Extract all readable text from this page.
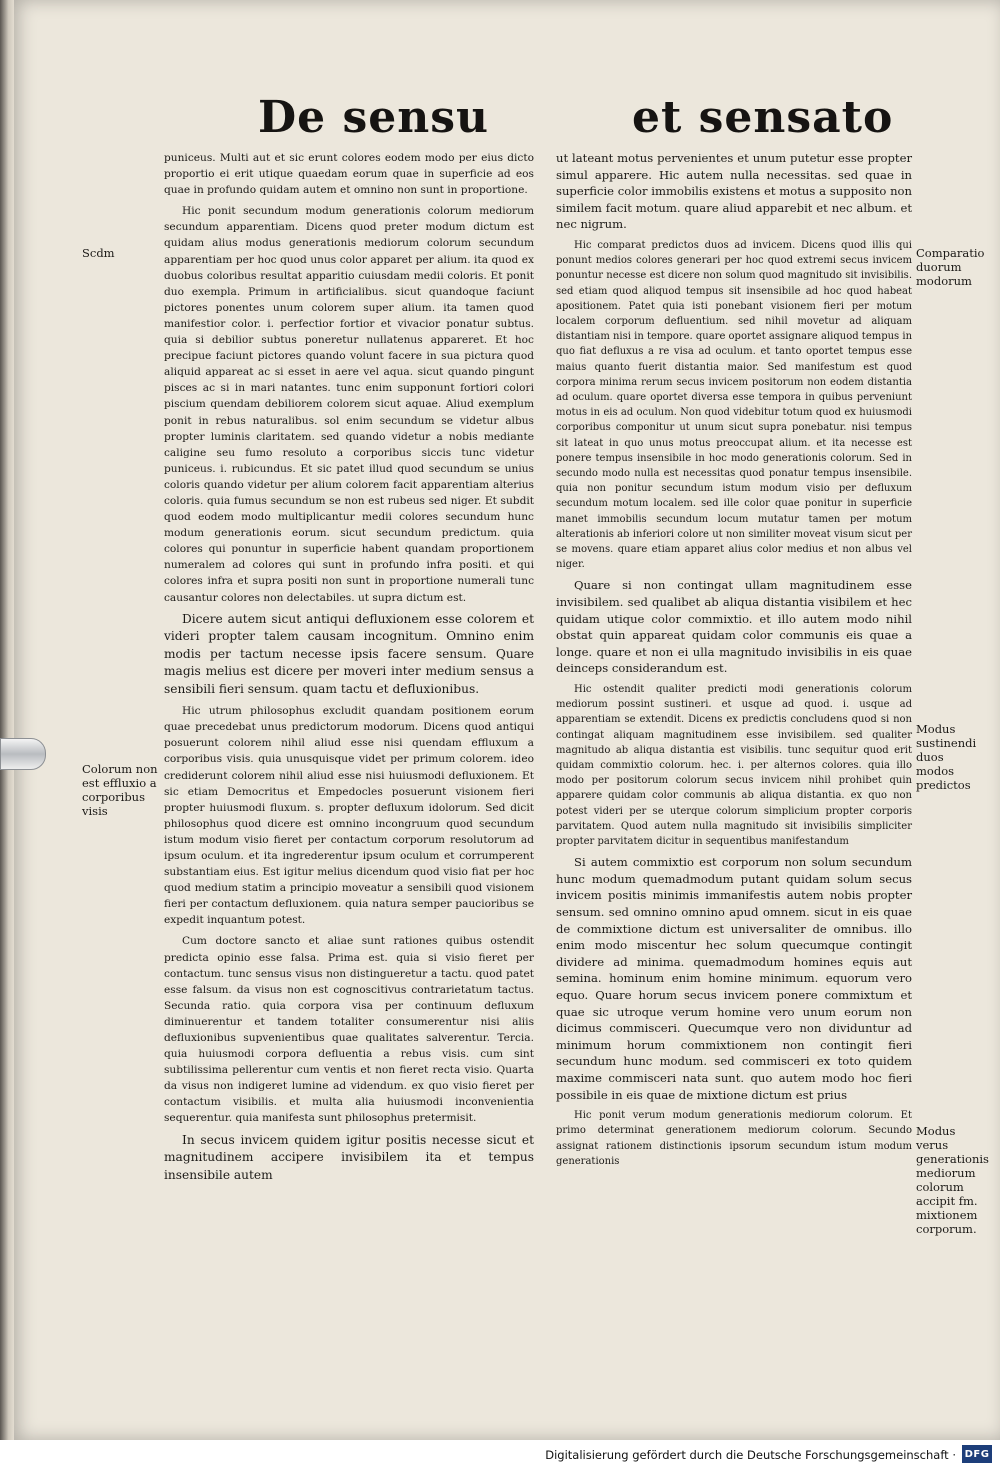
De sensu	et sensato

puniceus. Multi aut et sic erunt colores eodem modo per eius dicto proportio ei erit utique quaedam eorum quae in superficie ad eos quae in profundo quidam autem et omnino non sunt in proportione.

Hic ponit secundum modum generationis colorum mediorum secundum apparentiam. Dicens quod preter modum dictum est quidam alius modus generationis mediorum colorum secundum apparentiam per hoc quod unus color apparet per alium. ita quod ex duobus coloribus resultat apparitio cuiusdam medii coloris. Et ponit duo exempla. Primum in artificialibus. sicut quandoque faciunt pictores ponentes unum colorem super alium. ita tamen quod manifestior color. i. perfectior fortior et vivacior ponatur subtus. quia si debilior subtus poneretur nullatenus appareret. Et hoc precipue faciunt pictores quando volunt facere in sua pictura quod aliquid appareat ac si esset in aere vel aqua. sicut quando pingunt pisces ac si in mari natantes. tunc enim supponunt fortiori colori piscium quendam debiliorem colorem sicut aquae. Aliud exemplum ponit in rebus naturalibus. sol enim secundum se videtur albus propter luminis claritatem. sed quando videtur a nobis mediante caligine seu fumo resoluto a corporibus siccis tunc videtur puniceus. i. rubicundus. Et sic patet illud quod secundum se unius coloris quando videtur per alium colorem facit apparentiam alterius coloris. quia fumus secundum se non est rubeus sed niger. Et subdit quod eodem modo multiplicantur medii colores secundum hunc modum generationis eorum. sicut secundum predictum. quia colores qui ponuntur in superficie habent quandam proportionem numeralem ad colores qui sunt in profundo infra positi. et qui colores infra et supra positi non sunt in proportione numerali tunc causantur colores non delectabiles. ut supra dictum est.

Dicere autem sicut antiqui defluxionem esse colorem et videri propter talem causam incognitum. Omnino enim modis per tactum necesse ipsis facere sensum. Quare magis melius est dicere per moveri inter medium sensus a sensibili fieri sensum. quam tactu et defluxionibus.

Hic utrum philosophus excludit quandam positionem eorum quae precedebat unus predictorum modorum. Dicens quod antiqui posuerunt colorem nihil aliud esse nisi quendam effluxum a corporibus visis. quia unusquisque videt per primum colorem. ideo crediderunt colorem nihil aliud esse nisi huiusmodi defluxionem. Et sic etiam Democritus et Empedocles posuerunt visionem fieri propter huiusmodi fluxum. s. propter defluxum idolorum. Sed dicit philosophus quod dicere est omnino incongruum quod secundum istum modum visio fieret per contactum corporum resolutorum ad ipsum oculum. et ita ingrederentur ipsum oculum et corrumperent substantiam eius. Est igitur melius dicendum quod visio fiat per hoc quod medium statim a principio moveatur a sensibili quod visionem fieri per contactum defluxionem. quia natura semper paucioribus se expedit inquantum potest.

Cum doctore sancto et aliae sunt rationes quibus ostendit predicta opinio esse falsa. Prima est. quia si visio fieret per contactum. tunc sensus visus non distingueretur a tactu. quod patet esse falsum. da visus non est cognoscitivus contrarietatum tactus. Secunda ratio. quia corpora visa per continuum defluxum diminuerentur et tandem totaliter consumerentur nisi aliis defluxionibus supvenientibus quae qualitates salverentur. Tercia. quia huiusmodi corpora defluentia a rebus visis. cum sint subtilissima pellerentur cum ventis et non fieret recta visio. Quarta da visus non indigeret lumine ad videndum. ex quo visio fieret per contactum visibilis. et multa alia huiusmodi inconvenientia sequerentur. quia manifesta sunt philosophus pretermisit.

In secus invicem quidem igitur positis necesse sicut et magnitudinem accipere invisibilem ita et tempus insensibile autem

ut lateant motus pervenientes et unum putetur esse propter simul apparere. Hic autem nulla necessitas. sed quae in superficie color immobilis existens et motus a supposito non similem facit motum. quare aliud apparebit et nec album. et nec nigrum.

Hic comparat predictos duos ad invicem. Dicens quod illis qui ponunt medios colores generari per hoc quod extremi secus invicem ponuntur necesse est dicere non solum quod magnitudo sit invisibilis. sed etiam quod aliquod tempus sit insensibile ad hoc quod habeat apositionem. Patet quia isti ponebant visionem fieri per motum localem corporum defluentium. sed nihil movetur ad aliquam distantiam nisi in tempore. quare oportet assignare aliquod tempus in quo fiat defluxus a re visa ad oculum. et tanto oportet tempus esse maius quanto fuerit distantia maior. Sed manifestum est quod corpora minima rerum secus invicem positorum non eodem distantia ad oculum. quare oportet diversa esse tempora in quibus perveniunt motus in eis ad oculum. Non quod videbitur totum quod ex huiusmodi corporibus componitur ut unum sicut supra ponebatur. nisi tempus sit lateat in quo unus motus preoccupat alium. et ita necesse est ponere tempus insensibile in hoc modo generationis colorum. Sed in secundo modo nulla est necessitas quod ponatur tempus insensibile. quia non ponitur secundum istum modum visio per defluxum secundum motum localem. sed ille color quae ponitur in superficie manet immobilis secundum locum mutatur tamen per motum alterationis ab inferiori colore ut non similiter moveat visum sicut per se movens. quare etiam apparet alius color medius et non albus vel niger.

Quare si non contingat ullam magnitudinem esse invisibilem. sed qualibet ab aliqua distantia visibilem et hec quidam utique color commixtio. et illo autem modo nihil obstat quin appareat quidam color communis eis quae a longe. quare et non ei ulla magnitudo invisibilis in eis quae deinceps considerandum est.

Hic ostendit qualiter predicti modi generationis colorum mediorum possint sustineri. et usque ad quod. i. usque ad apparentiam se extendit. Dicens ex predictis concludens quod si non contingat aliquam magnitudinem esse invisibilem. sed qualiter magnitudo ab aliqua distantia est visibilis. tunc sequitur quod erit quidam commixtio colorum. hec. i. per alternos colores. quia illo modo per positorum colorum secus invicem nihil prohibet quin apparere quidam color communis ab aliqua distantia. ex quo non potest videri per se uterque colorum simplicium propter corporis parvitatem. Quod autem nulla magnitudo sit invisibilis simpliciter propter parvitatem dicitur in sequentibus manifestandum

Si autem commixtio est corporum non solum secundum hunc modum quemadmodum putant quidam solum secus invicem positis minimis immanifestis autem nobis propter sensum. sed omnino omnino apud omnem. sicut in eis quae de commixtione dictum est universaliter de omnibus. illo enim modo miscentur hec solum quecumque contingit dividere ad minima. quemadmodum homines equis aut semina. hominum enim homine minimum. equorum vero equo. Quare horum secus invicem ponere commixtum et quae sic utroque verum homine vero unum eorum non dicimus commisceri. Quecumque vero non dividuntur ad minimum horum commixtionem non contingit fieri secundum hunc modum. sed commisceri ex toto quidem maxime commisceri nata sunt. quo autem modo hoc fieri possibile in eis quae de mixtione dictum est prius

Hic ponit verum modum generationis mediorum colorum. Et primo determinat generationem mediorum colorum. Secundo assignat rationem distinctionis ipsorum secundum istum modum generationis

Scdm
Colorum non est effluxio a corporibus visis
Comparatio duorum modorum
Modus sustinendi duos modos predictos
Modus verus generationis mediorum colorum accipit fm. mixtionem corporum.
Digitalisierung gefördert durch die Deutsche Forschungsgemeinschaft · DFG
